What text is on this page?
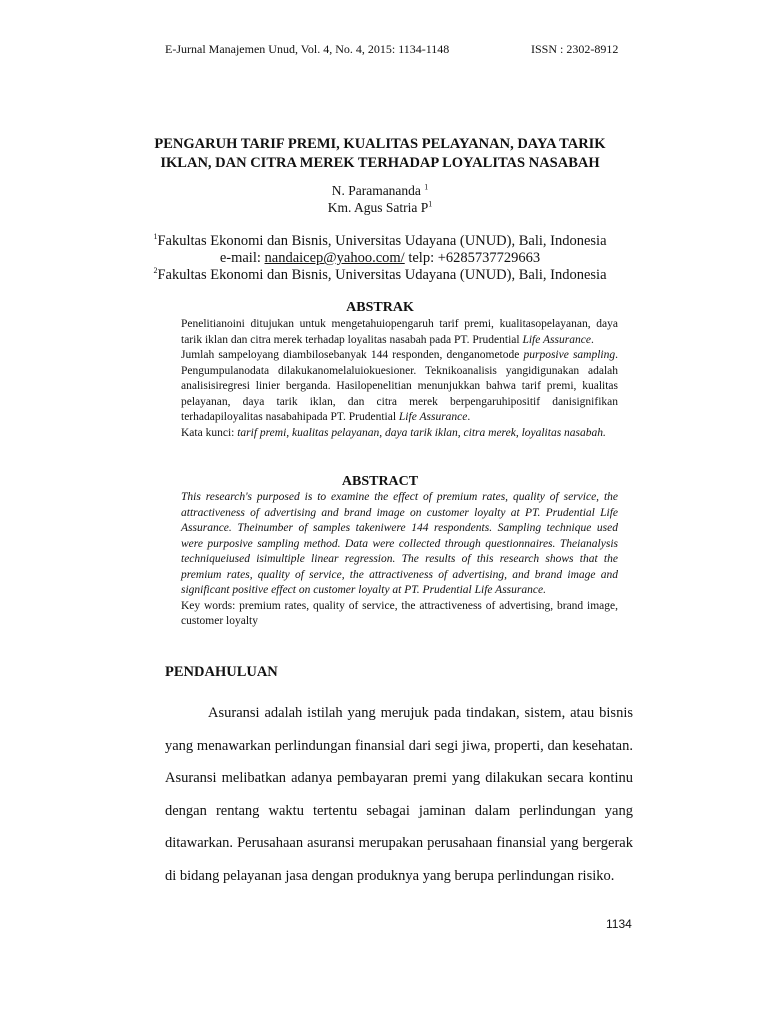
E-Jurnal Manajemen Unud, Vol. 4, No. 4, 2015: 1134-1148	ISSN : 2302-8912
PENGARUH TARIF PREMI, KUALITAS PELAYANAN, DAYA TARIK
IKLAN, DAN CITRA MEREK TERHADAP LOYALITAS NASABAH
N. Paramananda $^1$
Km. Agus Satria $P^1$
$^1$Fakultas Ekonomi dan Bisnis, Universitas Udayana (UNUD), Bali, Indonesia
e-mail: nandaicep@yahoo.com/ telp: +6285737729663
$^2$Fakultas Ekonomi dan Bisnis, Universitas Udayana (UNUD), Bali, Indonesia
ABSTRAK

Penelitianoini ditujukan untuk mengetahuiopengaruh tarif premi, kualitasopelayanan, daya tarik iklan dan citra merek terhadap loyalitas nasabah pada PT. Prudential Life Assurance.

Jumlah sampeloyang diambilosebanyak 144 responden, denganometode purposive sampling. Pengumpulanodata dilakukanomelaluiokuesioner. Teknikoanalisis yangidigunakan adalah analisisiregresi linier berganda. Hasilopenelitian menunjukkan bahwa tarif premi, kualitas pelayanan, daya tarik iklan, dan citra merek berpengaruhipositif danisignifikan terhadapiloyalitas nasabahipada PT. Prudential Life Assurance.

Kata kunci: tarif premi, kualitas pelayanan, daya tarik iklan, citra merek, loyalitas nasabah.

ABSTRACT

This research's purposed is to examine the effect of premium rates, quality of service, the attractiveness of advertising and brand image on customer loyalty at PT. Prudential Life Assurance. Theinumber of samples takeniwere 144 respondents. Sampling technique used were purposive sampling method. Data were collected through questionnaires. Theianalysis techniqueiused isimultiple linear regression. The results of this research shows that the premium rates, quality of service, the attractiveness of advertising, and brand image and significant positive effect on customer loyalty at PT. Prudential Life Assurance.

Key words: premium rates, quality of service, the attractiveness of advertising, brand image, customer loyalty

PENDAHULUAN

Asuransi adalah istilah yang merujuk pada tindakan, sistem, atau bisnis yang menawarkan perlindungan finansial dari segi jiwa, properti, dan kesehatan. Asuransi melibatkan adanya pembayaran premi yang dilakukan secara kontinu dengan rentang waktu tertentu sebagai jaminan dalam perlindungan yang ditawarkan. Perusahaan asuransi merupakan perusahaan finansial yang bergerak di bidang pelayanan jasa dengan produknya yang berupa perlindungan risiko.

1134
